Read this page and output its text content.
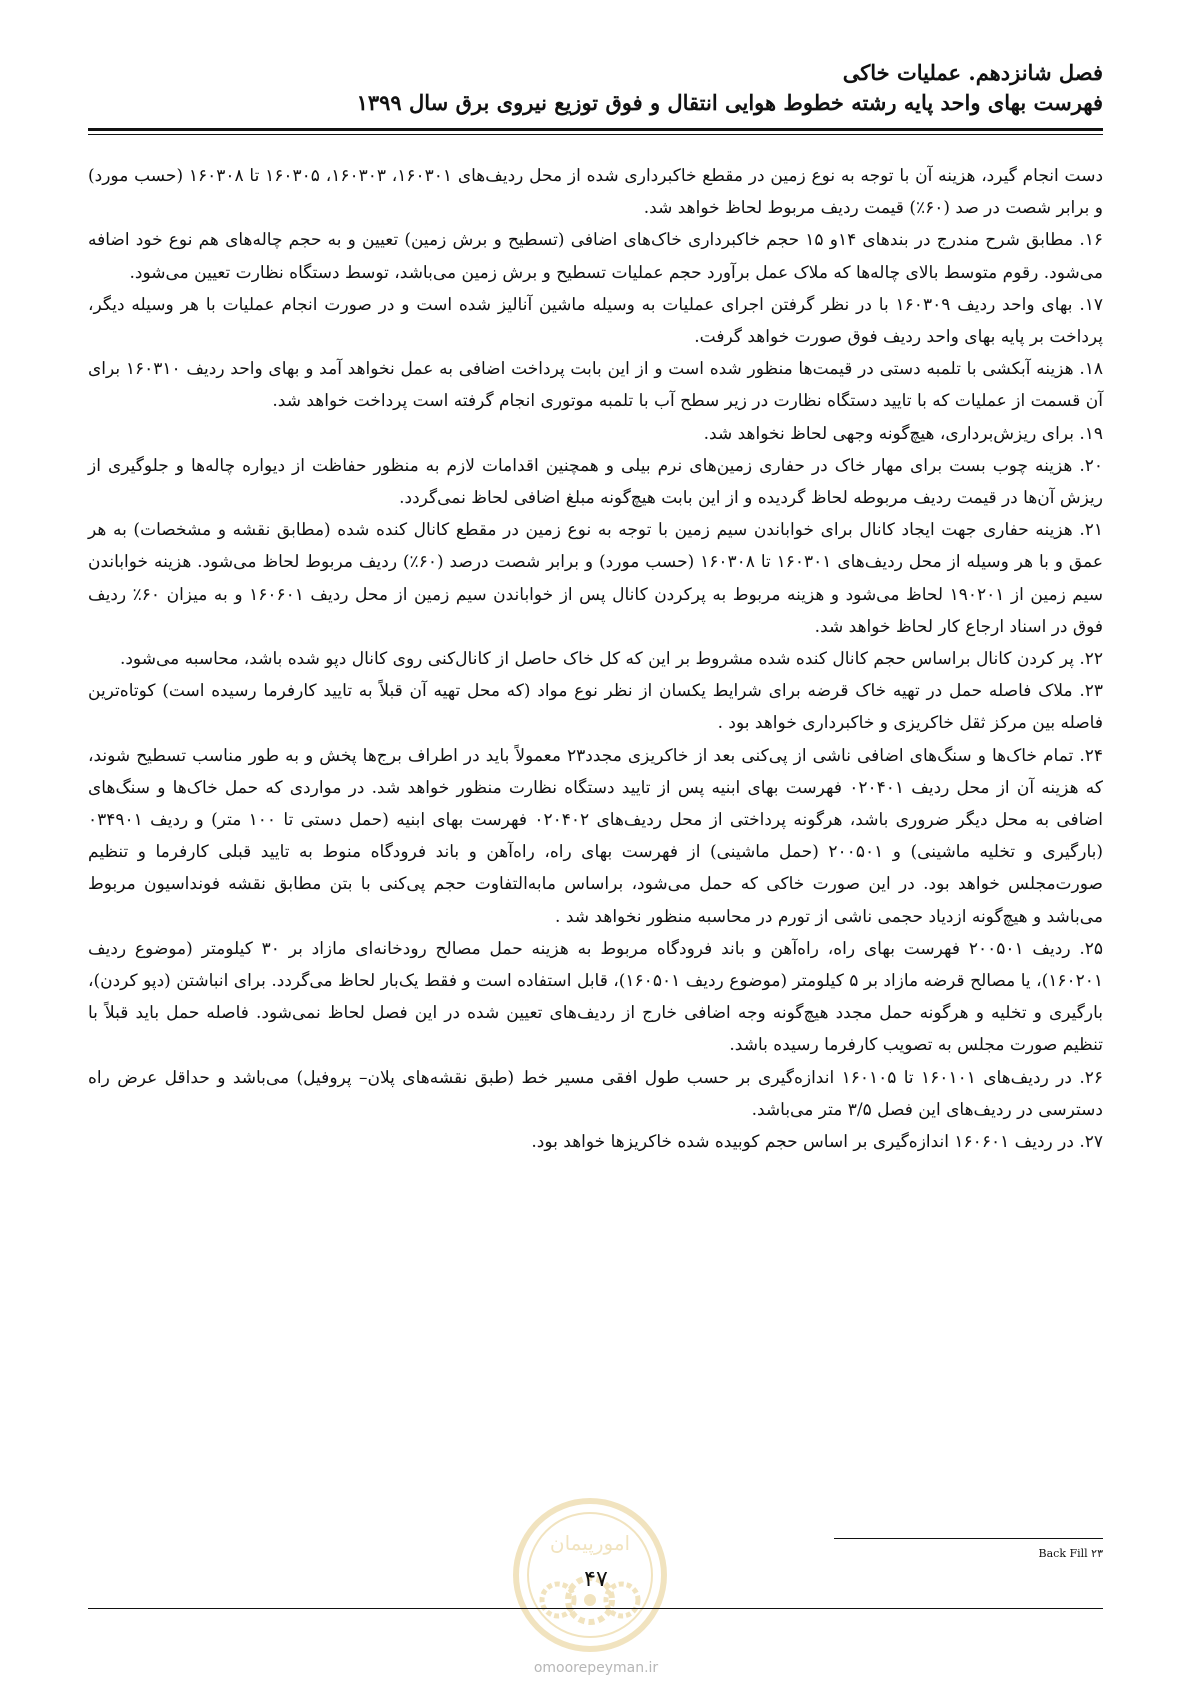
فصل شانزدهم. عملیات خاکی
فهرست بهای واحد پایه رشته خطوط هوایی انتقال و فوق توزیع نیروی برق سال ۱۳۹۹

دست انجام گیرد، هزینه آن با توجه به نوع زمین در مقطع خاکبرداری شده از محل ردیف‌های ۱۶۰۳۰۱، ۱۶۰۳۰۳، ۱۶۰۳۰۵ تا ۱۶۰۳۰۸ (حسب مورد) و برابر شصت در صد (۶۰٪) قیمت ردیف مربوط لحاظ خواهد شد.

۱۶. مطابق شرح مندرج در بندهای ۱۴و ۱۵ حجم خاکبرداری خاک‌های اضافی (تسطیح و برش زمین) تعیین و به حجم چاله‌های هم نوع خود اضافه می‌شود. رقوم متوسط بالای چاله‌ها که ملاک عمل برآورد حجم عملیات تسطیح و برش زمین می‌باشد، توسط دستگاه نظارت تعیین می‌شود.

۱۷. بهای واحد ردیف ۱۶۰۳۰۹ با در نظر گرفتن اجرای عملیات به وسیله ماشین آنالیز شده است و در صورت انجام عملیات با هر وسیله دیگر، پرداخت بر پایه بهای واحد ردیف فوق صورت خواهد گرفت.

۱۸. هزینه آبکشی با تلمبه دستی در قیمت‌ها منظور شده است و از این بابت پرداخت اضافی به عمل نخواهد آمد و بهای واحد ردیف ۱۶۰۳۱۰ برای آن قسمت از عملیات که با تایید دستگاه نظارت در زیر سطح آب با تلمبه موتوری انجام گرفته است پرداخت خواهد شد.

۱۹. برای ریزش‌برداری، هیچ‌گونه وجهی لحاظ نخواهد شد.

۲۰. هزینه چوب بست برای مهار خاک در حفاری زمین‌های نرم بیلی و همچنین اقدامات لازم به منظور حفاظت از دیواره چاله‌ها و جلوگیری از ریزش آن‌ها در قیمت ردیف مربوطه لحاظ گردیده و از این بابت هیچ‌گونه مبلغ اضافی لحاظ نمی‌گردد.

۲۱. هزینه حفاری جهت ایجاد کانال برای خواباندن سیم زمین با توجه به نوع زمین در مقطع کانال کنده شده (مطابق نقشه و مشخصات) به هر عمق و با هر وسیله از محل ردیف‌های ۱۶۰۳۰۱ تا ۱۶۰۳۰۸ (حسب مورد) و برابر شصت درصد (۶۰٪) ردیف مربوط لحاظ می‌شود. هزینه خواباندن سیم زمین از ۱۹۰۲۰۱ لحاظ می‌شود و هزینه مربوط به پرکردن کانال پس از خواباندن سیم زمین از محل ردیف ۱۶۰۶۰۱ و به میزان ۶۰٪ ردیف فوق در اسناد ارجاع کار لحاظ خواهد شد.

۲۲. پر کردن کانال براساس حجم کانال کنده شده مشروط بر این که کل خاک حاصل از کانال‌کنی روی کانال دپو شده باشد، محاسبه می‌شود.

۲۳. ملاک فاصله حمل در تهیه خاک قرضه برای شرایط یکسان از نظر نوع مواد (که محل تهیه آن قبلاً به تایید کارفرما رسیده است) کوتاه‌ترین فاصله بین مرکز ثقل خاکریزی و خاکبرداری خواهد بود .

۲۴. تمام خاک‌ها و سنگ‌های اضافی ناشی از پی‌کنی بعد از خاکریزی مجدد۲۳ معمولاً باید در اطراف برج‌ها پخش و به طور مناسب تسطیح شوند، که هزینه آن از محل ردیف ۰۲۰۴۰۱ فهرست بهای ابنیه پس از تایید دستگاه نظارت منظور خواهد شد. در مواردی که حمل خاک‌ها و سنگ‌های اضافی به محل دیگر ضروری باشد، هرگونه پرداختی از محل ردیف‌های ۰۲۰۴۰۲ فهرست بهای ابنیه (حمل دستی تا ۱۰۰ متر) و ردیف ۰۳۴۹۰۱ (بارگیری و تخلیه ماشینی) و ۲۰۰۵۰۱ (حمل ماشینی) از فهرست بهای راه، راه‌آهن و باند فرودگاه منوط به تایید قبلی کارفرما و تنظیم صورت‌مجلس خواهد بود. در این صورت خاکی که حمل می‌شود، براساس مابه‌التفاوت حجم پی‌کنی با بتن مطابق نقشه فونداسیون مربوط می‌باشد و هیچ‌گونه ازدیاد حجمی ناشی از تورم در محاسبه منظور نخواهد شد .

۲۵. ردیف ۲۰۰۵۰۱ فهرست بهای راه، راه‌آهن و باند فرودگاه مربوط به هزینه حمل مصالح رودخانه‌ای مازاد بر ۳۰ کیلومتر (موضوع ردیف ۱۶۰۲۰۱)، یا مصالح قرضه مازاد بر ۵ کیلومتر (موضوع ردیف ۱۶۰۵۰۱)، قابل استفاده است و فقط یک‌بار لحاظ می‌گردد. برای انباشتن (دپو کردن)، بارگیری و تخلیه و هرگونه حمل مجدد هیچ‌گونه وجه اضافی خارج از ردیف‌های تعیین شده در این فصل لحاظ نمی‌شود. فاصله حمل باید قبلاً با تنظیم صورت مجلس به تصویب کارفرما رسیده باشد.

۲۶. در ردیف‌های ۱۶۰۱۰۱ تا ۱۶۰۱۰۵ اندازه‌گیری بر حسب طول افقی مسیر خط (طبق نقشه‌های پلان– پروفیل) می‌باشد و حداقل عرض راه دسترسی در ردیف‌های این فصل ۳/۵ متر می‌باشد.

۲۷. در ردیف ۱۶۰۶۰۱ اندازه‌گیری بر اساس حجم کوبیده شده خاکریزها خواهد بود.

امورپیمان	Back Fill ۲۳
۴۷
omoorepeyman.ir
